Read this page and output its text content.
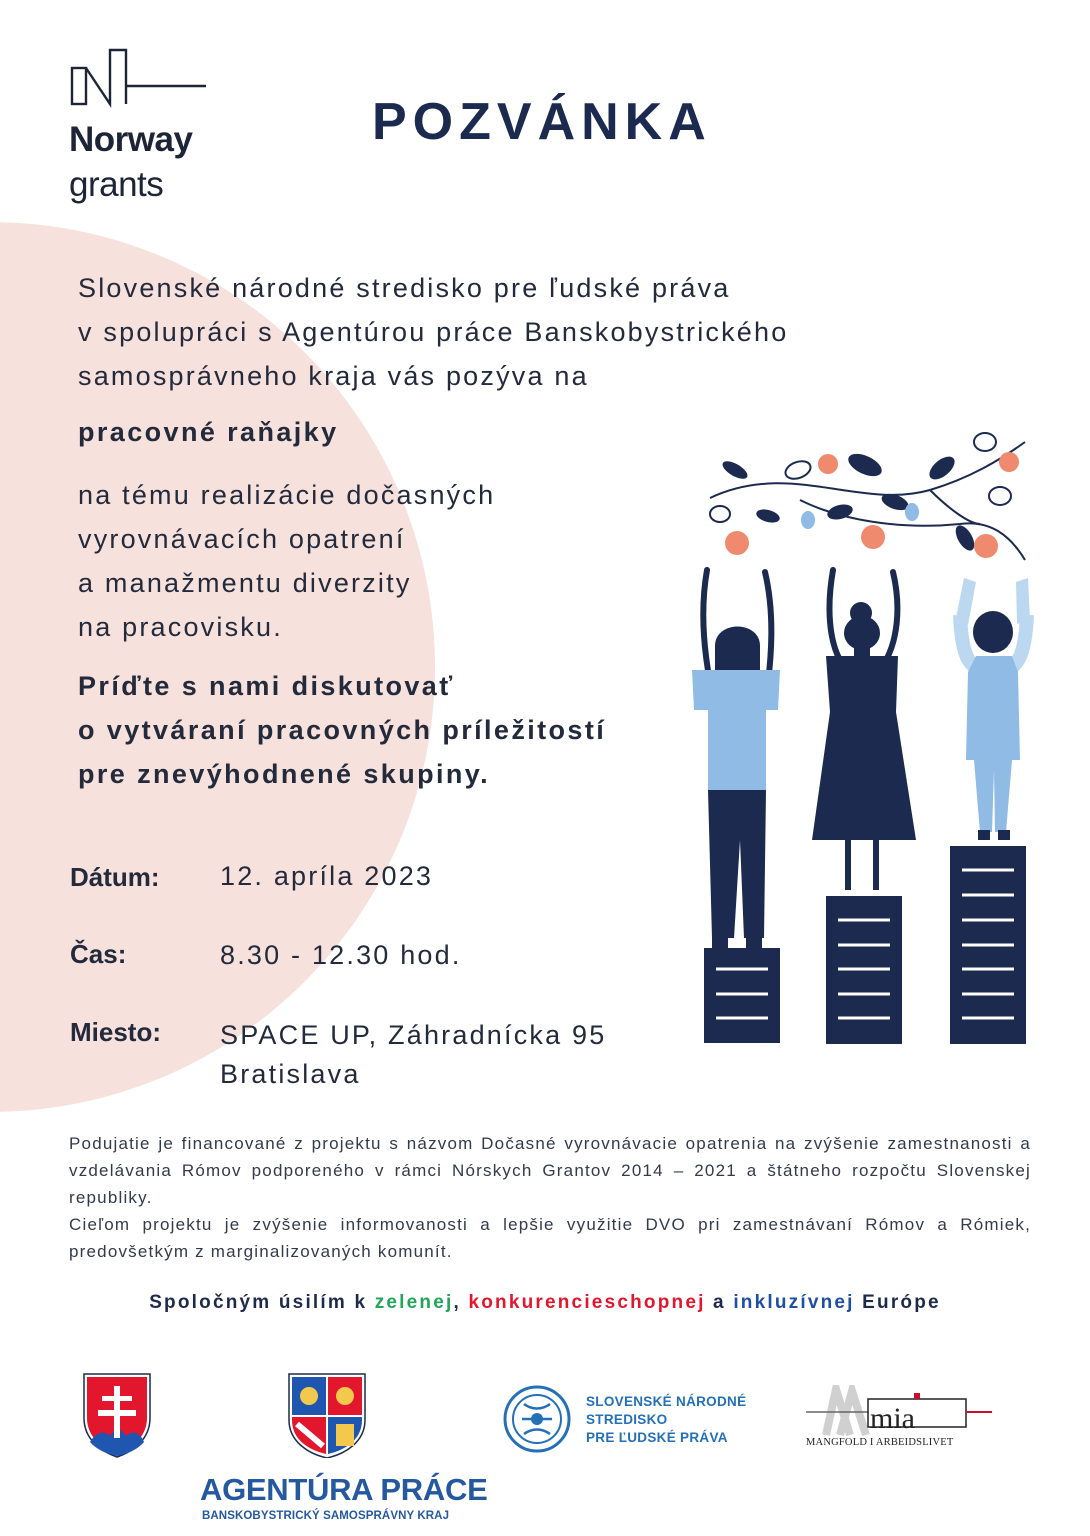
Norway
grants
POZVÁNKA
Slovenské národné stredisko pre ľudské práva
v spolupráci s Agentúrou práce Banskobystrického
samosprávneho kraja vás pozýva na
pracovné raňajky
na tému realizácie dočasných
vyrovnávacích opatrení
a manažmentu diverzity
na pracovisku.
Príďte s nami diskutovať
o vytváraní pracovných príležitostí
pre znevýhodnené skupiny.
Dátum: 12. apríla 2023
Čas:	8.30 - 12.30 hod.
Miesto: SPACE UP, Záhradnícka 95
Bratislava

Podujatie je financované z projektu s názvom Dočasné vyrovnávacie opatrenia na zvýšenie zamestnanosti a vzdelávania Rómov podporeného v rámci Nórskych Grantov 2014 – 2021 a štátneho rozpočtu Slovenskej republiky.

Cieľom projektu je zvýšenie informovanosti a lepšie využitie DVO pri zamestnávaní Rómov a Rómiek, predovšetkým z marginalizovaných komunít.

Spoločným úsilím k zelenej, konkurencieschopnej a inkluzívnej Európe
AGENTÚRA PRÁCE
BANSKOBYSTRICKÝ SAMOSPRÁVNY KRAJ
SLOVENSKÉ NÁRODNÉ
STREDISKO
PRE ĽUDSKÉ PRÁVA
mia
MANGFOLD I ARBEIDSLIVET
